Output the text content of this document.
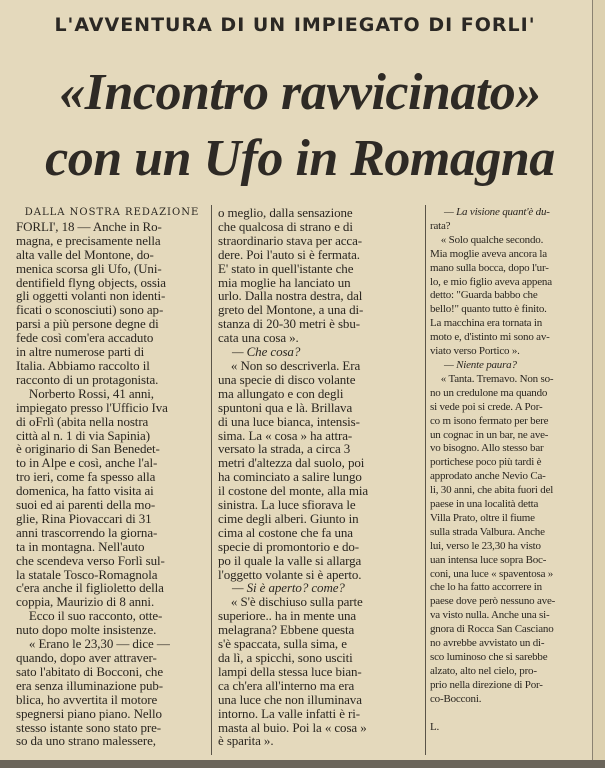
L'AVVENTURA DI UN IMPIEGATO DI FORLI'
«Incontro ravvicinato»
con un Ufo in Romagna
DALLA NOSTRA REDAZIONE
FORLI', 18 — Anche in Ro-
magna, e precisamente nella
alta valle del Montone, do-
menica scorsa gli Ufo, (Uni-
dentifield flyng objects, ossia
gli oggetti volanti non identi-
ficati o sconosciuti) sono ap-
parsi a più persone degne di
fede così com'era accaduto
in altre numerose parti di
Italia. Abbiamo raccolto il
racconto di un protagonista.
 Norberto Rossi, 41 anni,
impiegato presso l'Ufficio Iva
di oFrlì (abita nella nostra
città al n. 1 di via Sapinia)
è originario di San Benedet-
to in Alpe e così, anche l'al-
tro ieri, come fa spesso alla
domenica, ha fatto visita ai
suoi ed ai parenti della mo-
glie, Rina Piovaccari di 31
anni trascorrendo la giorna-
ta in montagna. Nell'auto
che scendeva verso Forlì sul-
la statale Tosco-Romagnola
c'era anche il figlioletto della
coppia, Maurizio di 8 anni.
 Ecco il suo racconto, otte-
nuto dopo molte insistenze.
 « Erano le 23,30 — dice —
quando, dopo aver attraver-
sato l'abitato di Bocconi, che
era senza illuminazione pub-
blica, ho avvertita il motore
spegnersi piano piano. Nello
stesso istante sono stato pre-
so da uno strano malessere,
o meglio, dalla sensazione
che qualcosa di strano e di
straordinario stava per acca-
dere. Poi l'auto si è fermata.
E' stato in quell'istante che
mia moglie ha lanciato un
urlo. Dalla nostra destra, dal
greto del Montone, a una di-
stanza di 20-30 metri è sbu-
cata una cosa ».
— Che cosa?
 « Non so descriverla. Era
una specie di disco volante
ma allungato e con degli
spuntoni qua e là. Brillava
di una luce bianca, intensis-
sima. La « cosa » ha attra-
versato la strada, a circa 3
metri d'altezza dal suolo, poi
ha cominciato a salire lungo
il costone del monte, alla mia
sinistra. La luce sfiorava le
cime degli alberi. Giunto in
cima al costone che fa una
specie di promontorio e do-
po il quale la valle si allarga
l'oggetto volante si è aperto.
— Si è aperto? come?
 « S'è dischiuso sulla parte
superiore.. ha in mente una
melagrana? Ebbene questa
s'è spaccata, sulla sima, e
da lì, a spicchi, sono usciti
lampi della stessa luce bian-
ca ch'era all'interno ma era
una luce che non illuminava
intorno. La valle infatti è ri-
masta al buio. Poi la « cosa »
è sparita ».
— La visione quant'è du-
rata?
 « Solo qualche secondo.
Mia moglie aveva ancora la
mano sulla bocca, dopo l'ur-
lo, e mio figlio aveva appena
detto: "Guarda babbo che
bello!" quanto tutto è finito.
La macchina era tornata in
moto e, d'istinto mi sono av-
viato verso Portico ».
— Niente paura?
 « Tanta. Tremavo. Non so-
no un credulone ma quando
si vede poi si crede. A Por-
co m isono fermato per bere
un cognac in un bar, ne ave-
vo bisogno. Allo stesso bar
portichese poco più tardi è
approdato anche Nevio Ca-
li, 30 anni, che abita fuori del
paese in una località detta
Villa Prato, oltre il fiume
sulla strada Valbura. Anche
lui, verso le 23,30 ha visto
uan intensa luce sopra Boc-
coni, una luce « spaventosa »
che lo ha fatto accorrere in
paese dove però nessuno ave-
va visto nulla. Anche una si-
gnora di Rocca San Casciano
no avrebbe avvistato un di-
sco luminoso che si sarebbe
alzato, alto nel cielo, pro-
prio nella direzione di Por-
co-Bocconi.

L.
